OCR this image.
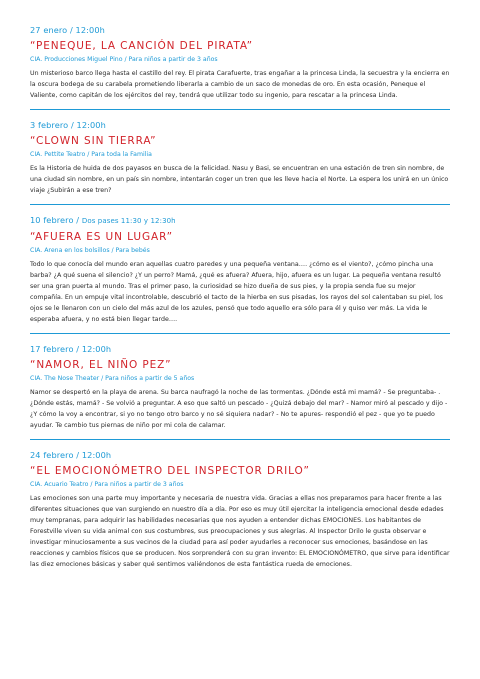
27 enero / 12:00h
“PENEQUE, LA CANCIÓN DEL PIRATA”
CIA. Producciones Miguel Pino / Para niños a partir de 3 años
Un misterioso barco llega hasta el castillo del rey. El pirata Carafuerte, tras engañar a la princesa Linda, la secuestra y la encierra en la oscura bodega de su carabela prometiendo liberarla a cambio de un saco de monedas de oro. En esta ocasión, Peneque el Valiente, como capitán de los ejércitos del rey, tendrá que utilizar todo su ingenio, para rescatar a la princesa Linda.
3 febrero / 12:00h
“CLOWN SIN TIERRA”
CIA. Pettite Teatro / Para toda la Familia
Es la Historia de huida de dos payasos en busca de la felicidad. Nasu y Basi, se encuentran en una estación de tren sin nombre, de una ciudad sin nombre, en un país sin nombre, intentarán coger un tren que les lleve hacia el Norte. La espera los unirá en un único viaje ¿Subirán a ese tren?
10 febrero / Dos pases 11:30 y 12:30h
“AFUERA ES UN LUGAR”
CIA. Arena en los bolsillos / Para bebés
Todo lo que conocía del mundo eran aquellas cuatro paredes y una pequeña ventana…. ¿cómo es el viento?, ¿cómo pincha una barba? ¿A qué suena el silencio? ¿Y un perro? Mamá, ¿qué es afuera? Afuera, hijo, afuera es un lugar. La pequeña ventana resultó ser una gran puerta al mundo. Tras el primer paso, la curiosidad se hizo dueña de sus pies, y la propia senda fue su mejor compañía. En un empuje vital incontrolable, descubrió el tacto de la hierba en sus pisadas, los rayos del sol calentaban su piel, los ojos se le llenaron con un cielo del más azul de los azules, pensó que todo aquello era sólo para él y quiso ver más. La vida le esperaba afuera, y no está bien llegar tarde….
17 febrero / 12:00h
“NAMOR, EL NIÑO PEZ”
CIA. The Nose Theater / Para niños a partir de 5 años
Namor se despertó en la playa de arena. Su barca naufragó la noche de las tormentas. ¿Dónde está mi mamá? - Se preguntaba- . ¿Dónde estás, mamá? - Se volvió a preguntar. A eso que saltó un pescado - ¿Quizá debajo del mar? - Namor miró al pescado y dijo - ¿Y cómo la voy a encontrar, si yo no tengo otro barco y no sé siquiera nadar? - No te apures- respondió el pez - que yo te puedo ayudar. Te cambio tus piernas de niño por mi cola de calamar.
24 febrero / 12:00h
“EL EMOCIONÓMETRO DEL INSPECTOR DRILO”
CIA. Acuario Teatro / Para niños a partir de 3 años
Las emociones son una parte muy importante y necesaria de nuestra vida. Gracias a ellas nos preparamos para hacer frente a las diferentes situaciones que van surgiendo en nuestro día a día. Por eso es muy útil ejercitar la inteligencia emocional desde edades muy tempranas, para adquirir las habilidades necesarias que nos ayuden a entender dichas EMOCIONES. Los habitantes de Forestville viven su vida animal con sus costumbres, sus preocupaciones y sus alegrías. Al Inspector Drilo le gusta observar e investigar minuciosamente a sus vecinos de la ciudad para así poder ayudarles a reconocer sus emociones, basándose en las reacciones y cambios físicos que se producen. Nos sorprenderá con su gran invento: EL EMOCIONÓMETRO, que sirve para identificar las diez emociones básicas y saber qué sentimos valiéndonos de esta fantástica rueda de emociones.
